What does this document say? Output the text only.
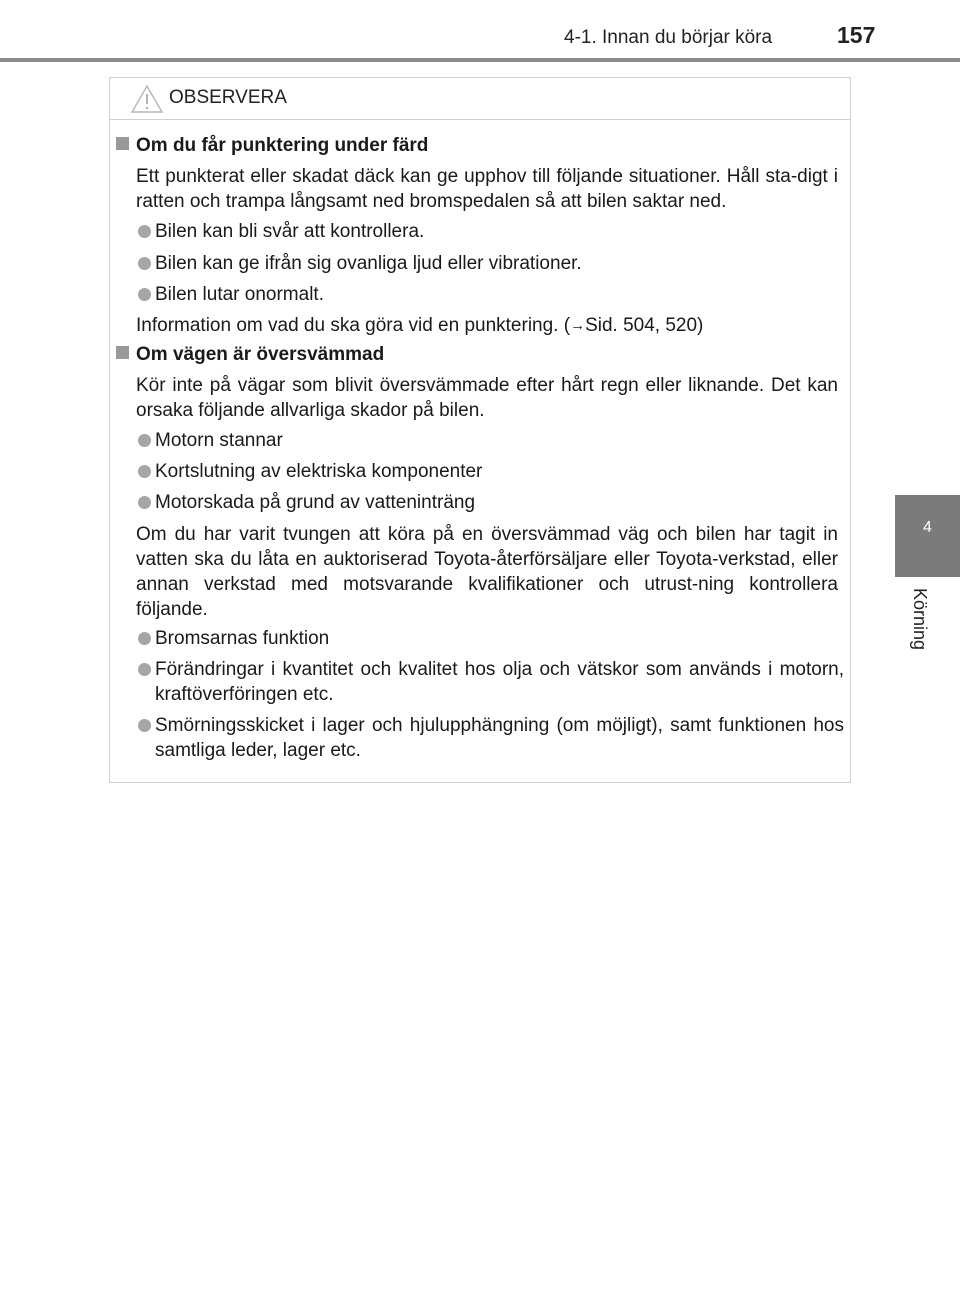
4-1. Innan du börjar köra	157
4
Körning
OBSERVERA
Om du får punktering under färd
Ett punkterat eller skadat däck kan ge upphov till följande situationer. Håll sta-digt i ratten och trampa långsamt ned bromspedalen så att bilen saktar ned.
Bilen kan bli svår att kontrollera.
Bilen kan ge ifrån sig ovanliga ljud eller vibrationer.
Bilen lutar onormalt.
Information om vad du ska göra vid en punktering. (→Sid. 504, 520)
Om vägen är översvämmad
Kör inte på vägar som blivit översvämmade efter hårt regn eller liknande. Det kan orsaka följande allvarliga skador på bilen.
Motorn stannar
Kortslutning av elektriska komponenter
Motorskada på grund av vatteninträng
Om du har varit tvungen att köra på en översvämmad väg och bilen har tagit in vatten ska du låta en auktoriserad Toyota-återförsäljare eller Toyota-verkstad, eller annan verkstad med motsvarande kvalifikationer och utrust-ning kontrollera följande.
Bromsarnas funktion
Förändringar i kvantitet och kvalitet hos olja och vätskor som används i motorn, kraftöverföringen etc.
Smörningsskicket i lager och hjulupphängning (om möjligt), samt funktionen hos samtliga leder, lager etc.
